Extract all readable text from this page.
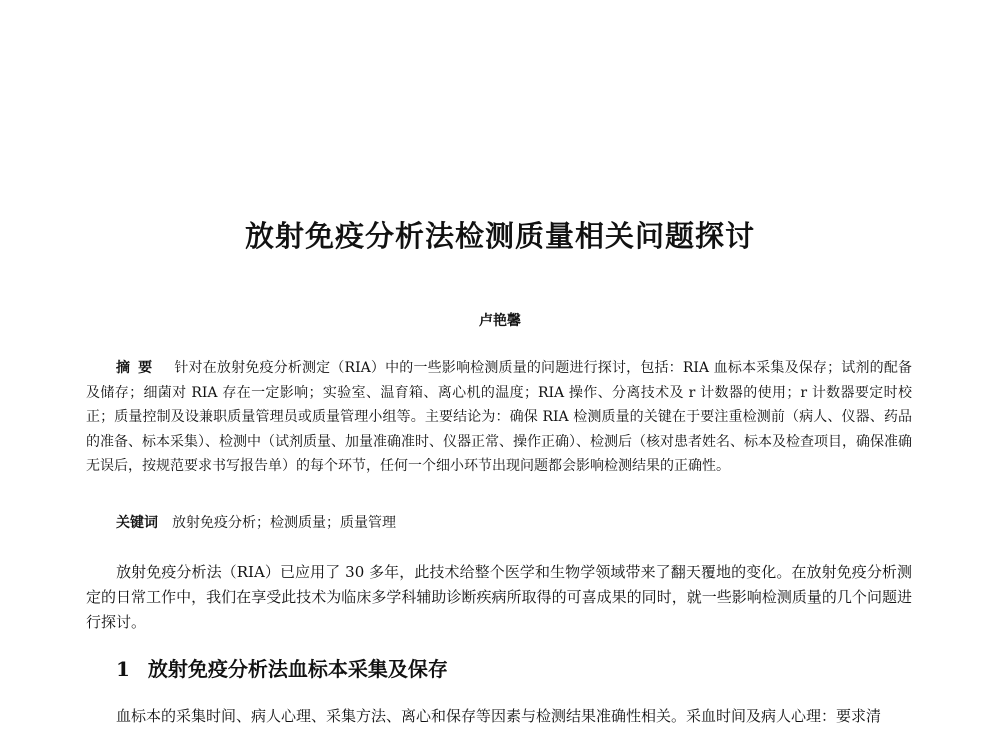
放射免疫分析法检测质量相关问题探讨
卢艳馨
摘要 针对在放射免疫分析测定（RIA）中的一些影响检测质量的问题进行探讨，包括：RIA 血标本采集及保存；试剂的配备及储存；细菌对 RIA 存在一定影响；实验室、温育箱、离心机的温度；RIA 操作、分离技术及 r 计数器的使用；r 计数器要定时校正；质量控制及设兼职质量管理员或质量管理小组等。主要结论为：确保 RIA 检测质量的关键在于要注重检测前（病人、仪器、药品的准备、标本采集）、检测中（试剂质量、加量准确准时、仪器正常、操作正确）、检测后（核对患者姓名、标本及检查项目，确保准确无误后，按规范要求书写报告单）的每个环节，任何一个细小环节出现问题都会影响检测结果的正确性。
关键词 放射免疫分析；检测质量；质量管理
放射免疫分析法（RIA）已应用了 30 多年，此技术给整个医学和生物学领域带来了翻天覆地的变化。在放射免疫分析测定的日常工作中，我们在享受此技术为临床多学科辅助诊断疾病所取得的可喜成果的同时，就一些影响检测质量的几个问题进行探讨。
1 放射免疫分析法血标本采集及保存
血标本的采集时间、病人心理、采集方法、离心和保存等因素与检测结果准确性相关。采血时间及病人心理：要求清
